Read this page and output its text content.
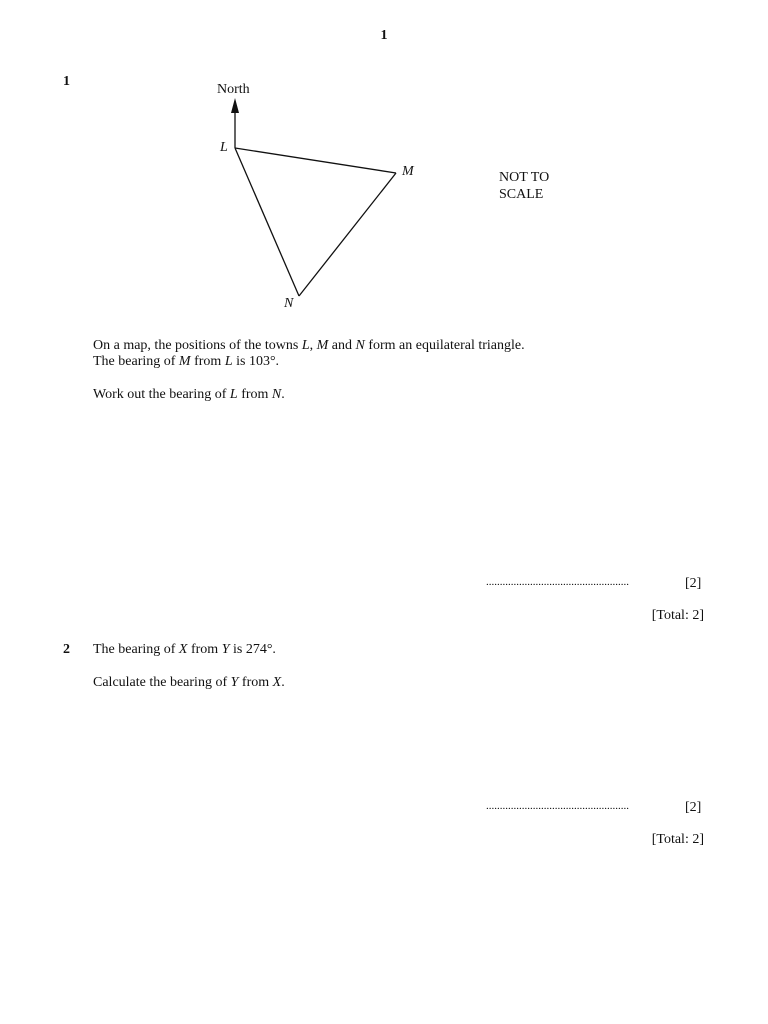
1
1
North
L
M
N
NOT TO
SCALE
On a map, the positions of the towns L, M and N form an equilateral triangle.
The bearing of M from L is 103°.
Work out the bearing of L from N.
....................................................	[2]
[Total: 2]
2 The bearing of X from Y is 274°.
Calculate the bearing of Y from X.
....................................................	[2]
[Total: 2]
